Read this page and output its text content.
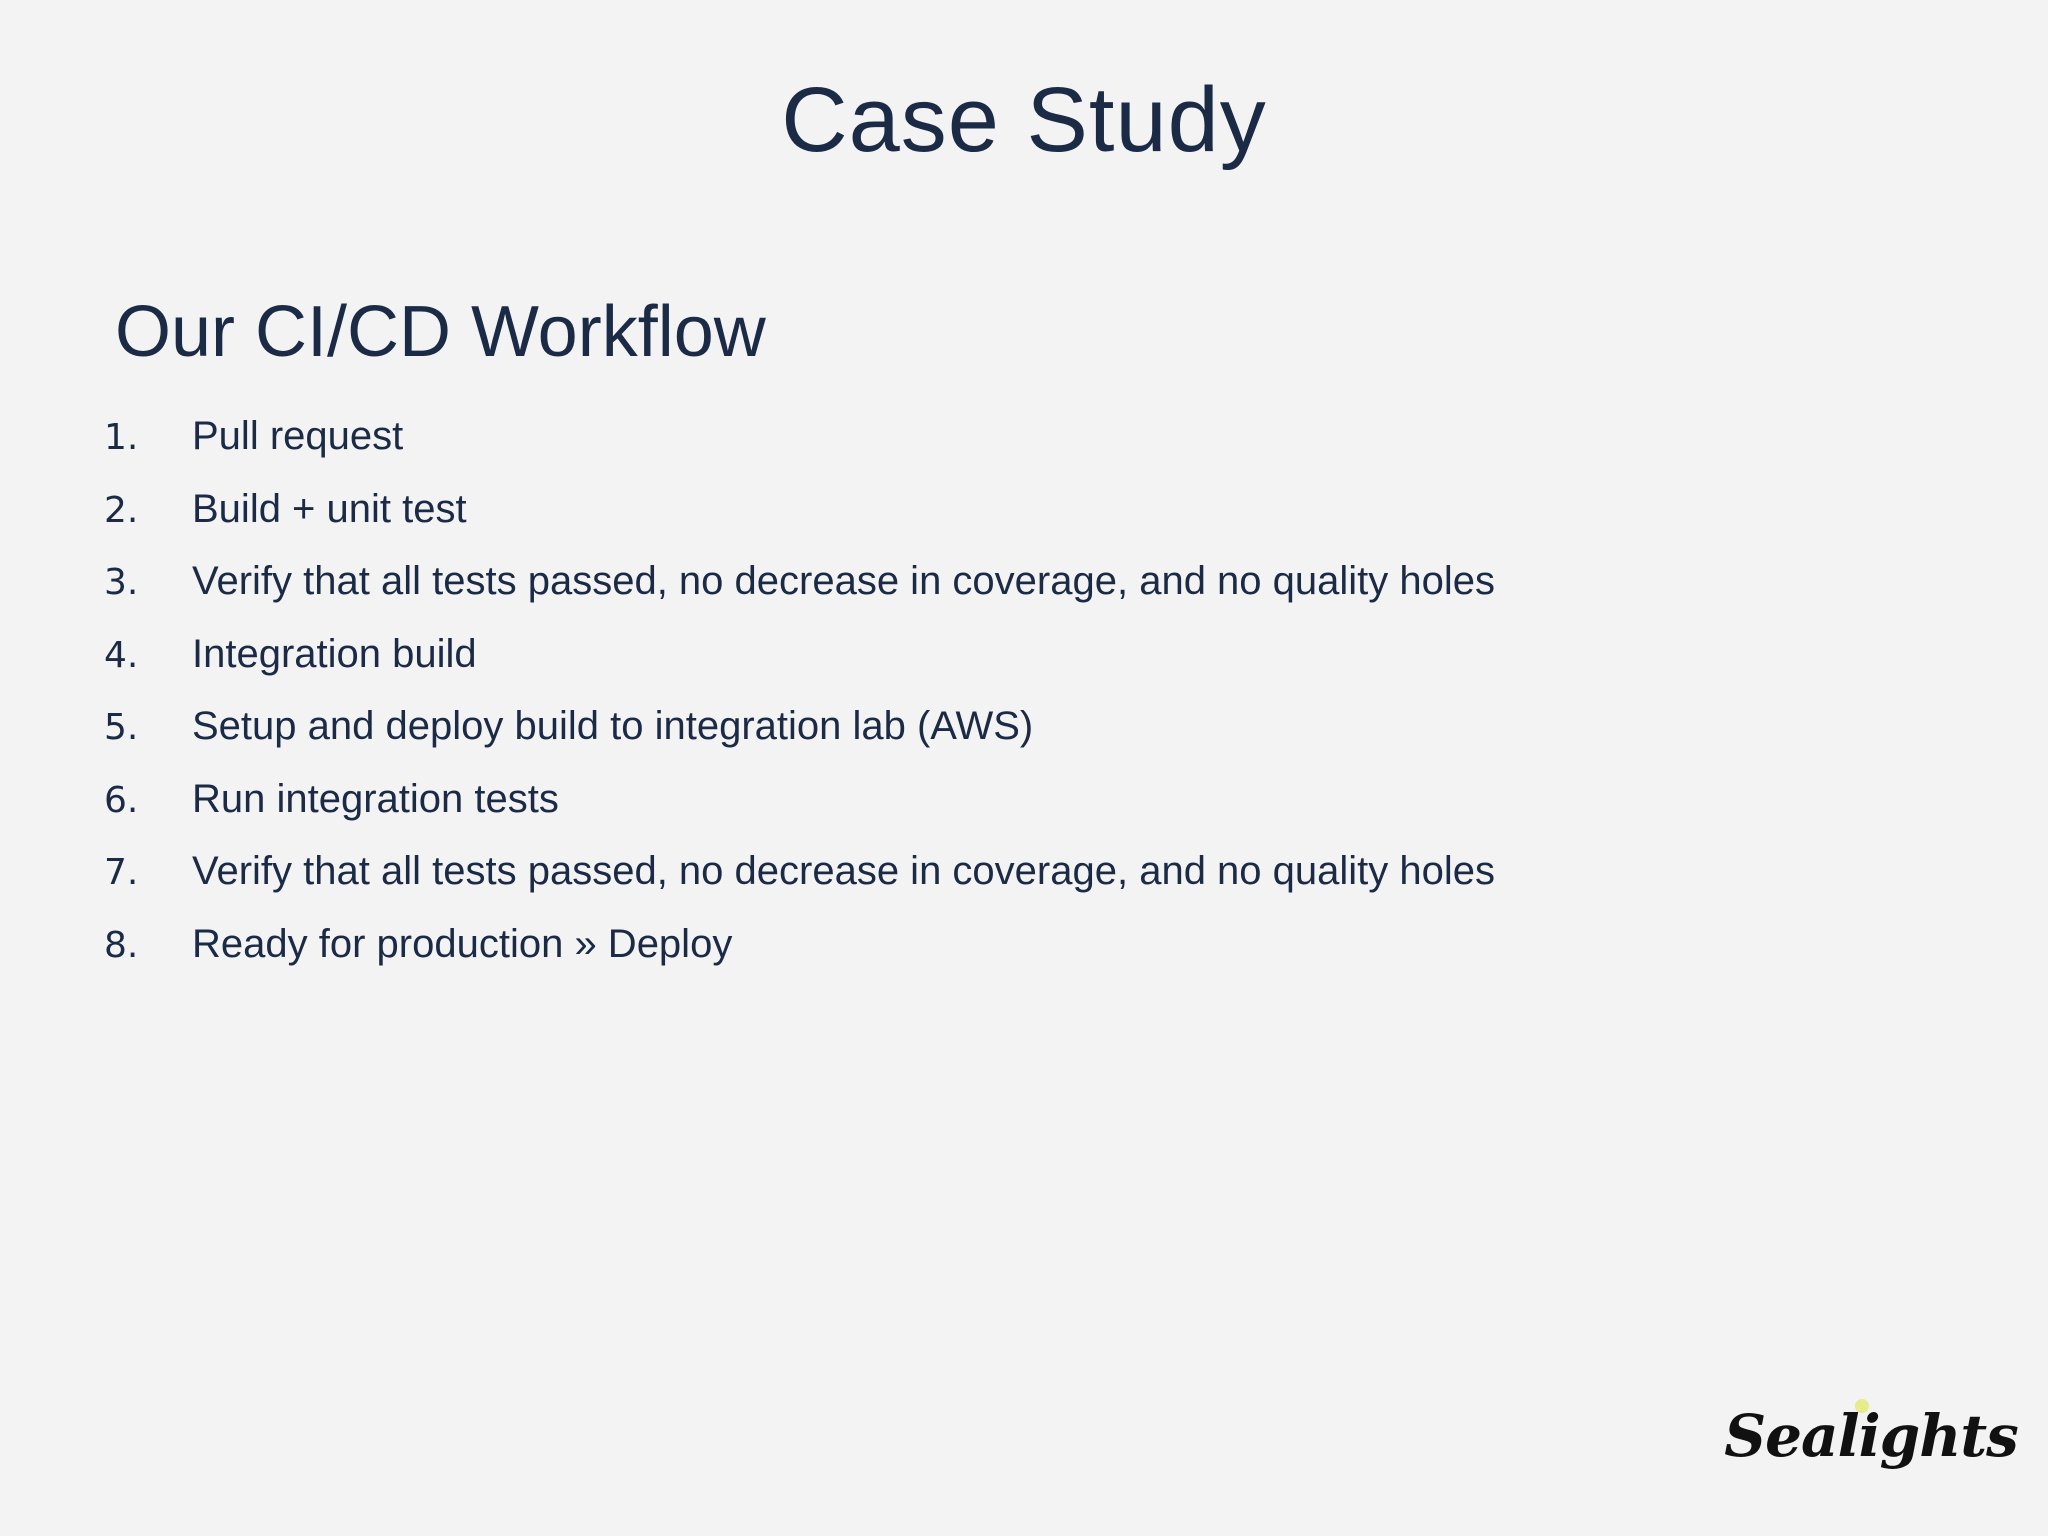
Case Study
Our CI/CD Workflow
1.	Pull request
2.	Build + unit test
3.	Verify that all tests passed, no decrease in coverage, and no quality holes
4.	Integration build
5.	Setup and deploy build to integration lab (AWS)
6.	Run integration tests
7.	Verify that all tests passed, no decrease in coverage, and no quality holes
8.	Ready for production » Deploy
Sealights
